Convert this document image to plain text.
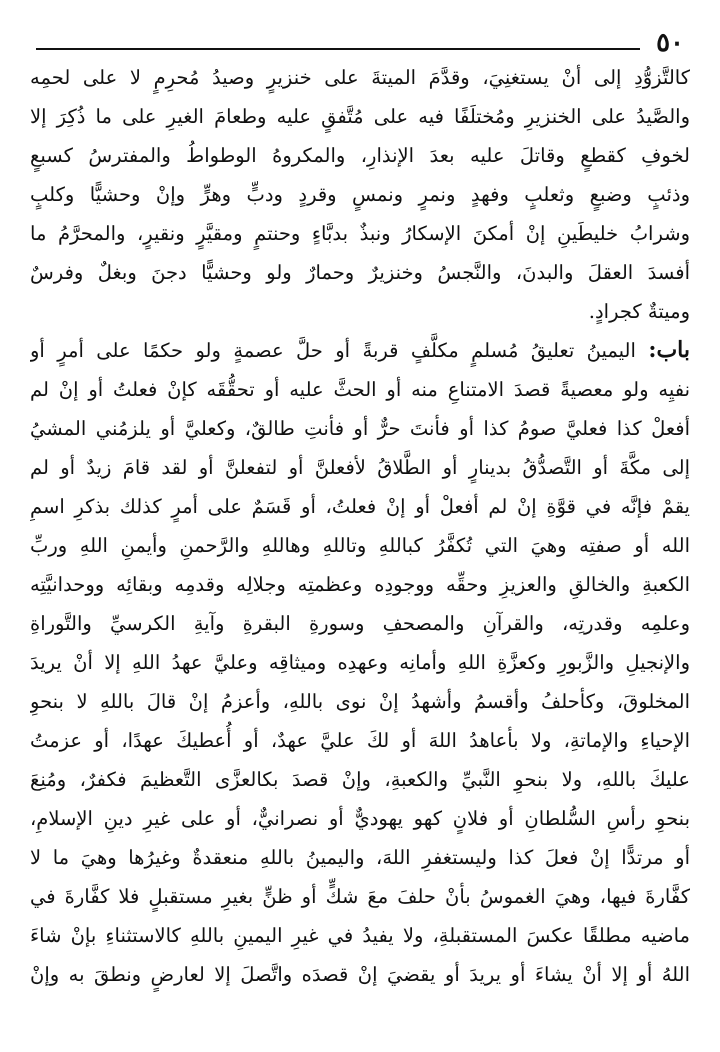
٥٠
كالتَّزوُّدِ إلى أنْ يستغنِيَ، وقدَّمَ الميتةَ على خنزيرٍ وصيدُ مُحرِمٍ لا على لحمِه
والصَّيدُ على الخنزيرِ ومُختلَفًا فيه على مُتَّفقٍ عليه وطعامَ الغيرِ على ما ذُكِرَ إلا
لخوفِ كقطعٍ وقاتلَ عليه بعدَ الإنذارِ، والمكروهُ الوطواطُ والمفترسُ كسبعٍ
وذئبٍ وضبعٍ وثعلبٍ وفهدٍ ونمرٍ ونمسٍ وقردٍ ودبٍّ وهرٍّ وإنْ وحشيًّا وكلبٍ
وشرابُ خليطَينِ إنْ أمكنَ الإسكارُ ونبذٌ بدبَّاءٍ وحنتمٍ ومقيَّرٍ ونقيرٍ، والمحرَّمُ ما
أفسدَ العقلَ والبدنَ، والنَّجسُ وخنزيرٌ وحمارٌ ولو وحشيًّا دجنَ وبغلٌ وفرسٌ
وميتةٌ كجرادٍ.
باب: اليمينُ تعليقُ مُسلمٍ مكلَّفٍ قربةً أو حلَّ عصمةٍ ولو حكمًا على أمرٍ أو
نفيِه ولو معصيةً قصدَ الامتناعِ منه أو الحثَّ عليه أو تحقُّقَه كإنْ فعلتُ أو إنْ لم
أفعلْ كذا فعليَّ صومُ كذا أو فأنتَ حرٌّ أو فأنتِ طالقٌ، وكعليَّ أو يلزمُني المشيُ
إلى مكَّةَ أو التَّصدُّقُ بدينارٍ أو الطَّلاقُ لأفعلنَّ أو لتفعلنَّ أو لقد قامَ زيدٌ أو لم
يقمْ فإنَّه في قوَّةِ إنْ لم أفعلْ أو إنْ فعلتُ، أو قَسَمٌ على أمرٍ كذلك بذكرِ اسمِ
الله أو صفتِه وهيَ التي تُكفَّرُ كباللهِ وتاللهِ وهاللهِ والرَّحمنِ وأيمنِ اللهِ وربِّ
الكعبةِ والخالقِ والعزيزِ وحقِّه ووجودِه وعظمتِه وجلالِه وقدمِه وبقائِه ووحدانيَّتِه
وعلمِه وقدرتِه، والقرآنِ والمصحفِ وسورةِ البقرةِ وآيةِ الكرسيِّ والتَّوراةِ
والإنجيلِ والزَّبورِ وكعزَّةِ اللهِ وأمانِه وعهدِه وميثاقِه وعليَّ عهدُ اللهِ إلا أنْ يريدَ
المخلوقَ، وكأحلفُ وأقسمُ وأشهدُ إنْ نوى باللهِ، وأعزمُ إنْ قالَ باللهِ لا بنحوِ
الإحياءِ والإماتةِ، ولا بأعاهدُ اللهَ أو لكَ عليَّ عهدٌ، أو أُعطيكَ عهدًا، أو عزمتُ
عليكَ باللهِ، ولا بنحوِ النَّبيِّ والكعبةِ، وإنْ قصدَ بكالعزَّى التَّعظيمَ فكفرٌ، ومُنِعَ
بنحوِ رأسِ السُّلطانِ أو فلانٍ كهو يهوديٌّ أو نصرانيٌّ، أو على غيرِ دينِ الإسلامِ،
أو مرتدًّا إنْ فعلَ كذا وليستغفرِ اللهَ، واليمينُ باللهِ منعقدةٌ وغيرُها وهيَ ما لا
كفَّارةَ فيها، وهيَ الغموسُ بأنْ حلفَ معَ شكٍّ أو ظنٍّ بغيرِ مستقبلٍ فلا كفَّارةَ في
ماضيه مطلقًا عكسَ المستقبلةِ، ولا يفيدُ في غيرِ اليمينِ باللهِ كالاستثناءِ بإنْ شاءَ
اللهُ أو إلا أنْ يشاءَ أو يريدَ أو يقضيَ إنْ قصدَه واتَّصلَ إلا لعارضٍ ونطقَ به وإنْ
